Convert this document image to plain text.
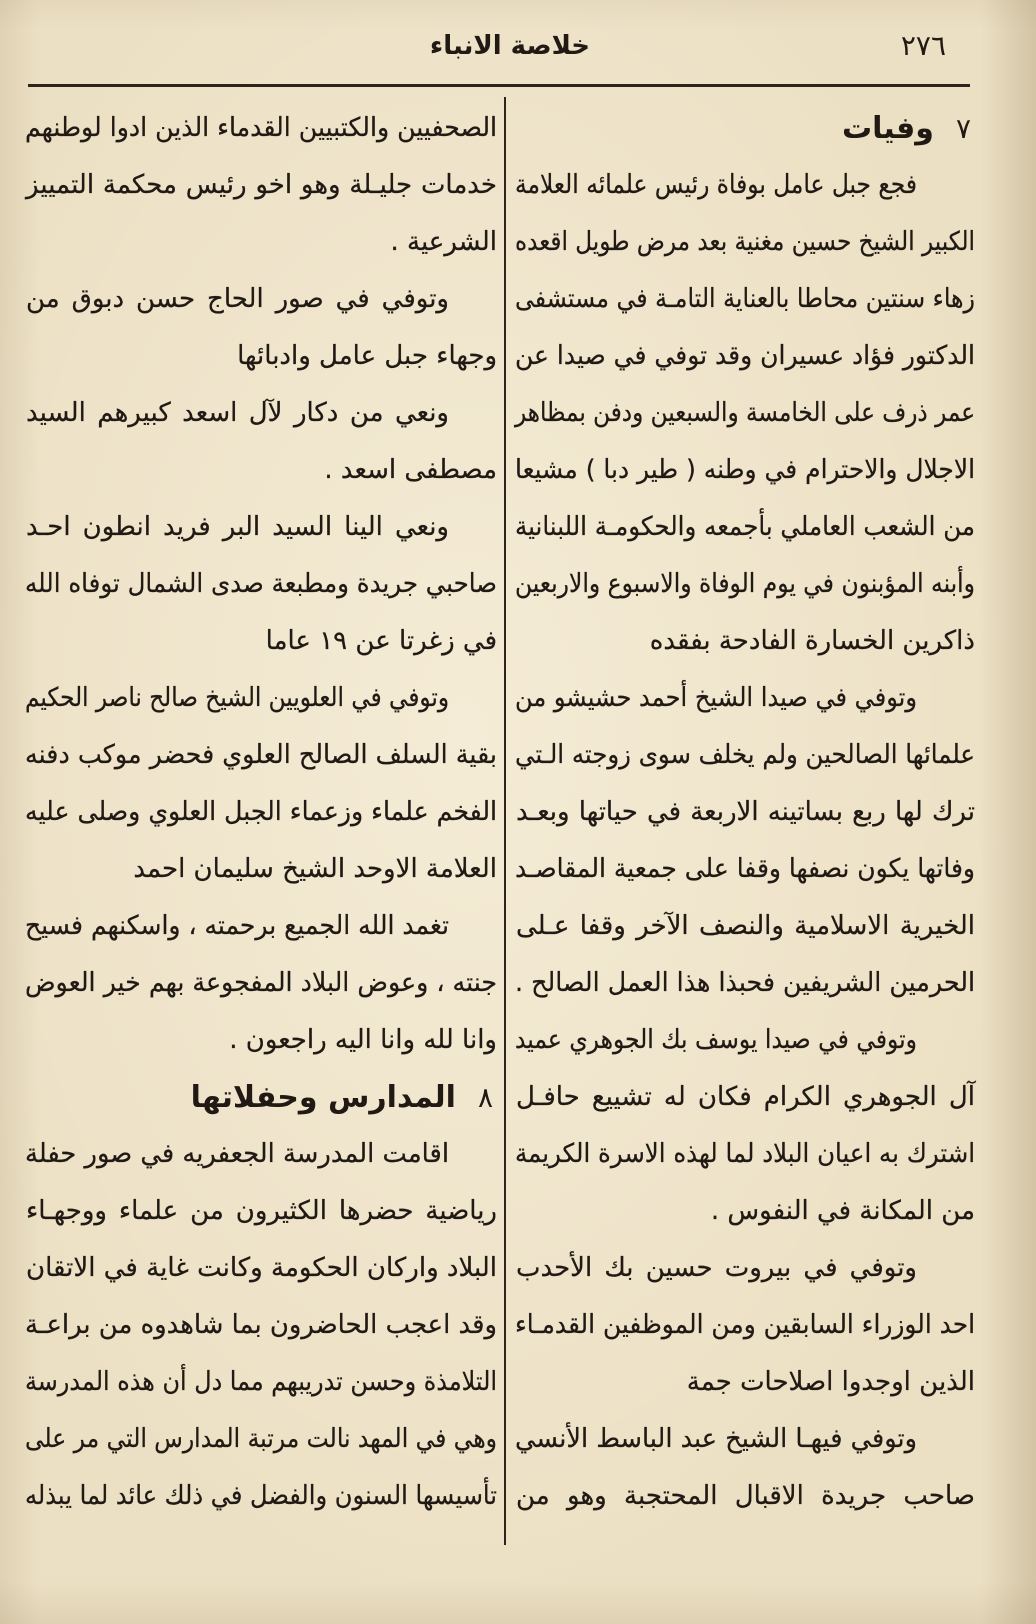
٢٧٦
خلاصة الانباء
٧
وفيات
فجع جبل عامل بوفاة رئيس علمائه العلامة
الكبير الشيخ حسين مغنية بعد مرض طويل اقعده
زهاء سنتين محاطا بالعناية التامـة في مستشفى
الدكتور فؤاد عسيران وقد توفي في صيدا عن
عمر ذرف على الخامسة والسبعين ودفن بمظاهر
الاجلال والاحترام في وطنه ( طير دبا ) مشيعا
من الشعب العاملي بأجمعه والحكومـة اللبنانية
وأبنه المؤبنون في يوم الوفاة والاسبوع والاربعين
ذاكرين الخسارة الفادحة بفقده
وتوفي في صيدا الشيخ أحمد حشيشو من
علمائها الصالحين ولم يخلف سوى زوجته الـتي
ترك لها ربع بساتينه الاربعة في حياتها وبعـد
وفاتها يكون نصفها وقفا على جمعية المقاصـد
الخيرية الاسلامية والنصف الآخر وقفا عـلى
الحرمين الشريفين فحبذا هذا العمل الصالح .
وتوفي في صيدا يوسف بك الجوهري عميد
آل الجوهري الكرام فكان له تشييع حافـل
اشترك به اعيان البلاد لما لهذه الاسرة الكريمة
من المكانة في النفوس .
وتوفي في بيروت حسين بك الأحدب
احد الوزراء السابقين ومن الموظفين القدمـاء
الذين اوجدوا اصلاحات جمة
وتوفي فيهـا الشيخ عبد الباسط الأنسي
صاحب جريدة الاقبال المحتجبة وهو من
الصحفيين والكتبيين القدماء الذين ادوا لوطنهم
خدمات جليـلة وهو اخو رئيس محكمة التمييز
الشرعية .
وتوفي في صور الحاج حسن دبوق من
وجهاء جبل عامل وادبائها
ونعي من دكار لآل اسعد كبيرهم السيد
مصطفى اسعد .
ونعي الينا السيد البر فريد انطون احـد
صاحبي جريدة ومطبعة صدى الشمال توفاه الله
في زغرتا عن ١٩ عاما
وتوفي في العلويين الشيخ صالح ناصر الحكيم
بقية السلف الصالح العلوي فحضر موكب دفنه
الفخم علماء وزعماء الجبل العلوي وصلى عليه
العلامة الاوحد الشيخ سليمان احمد
تغمد الله الجميع برحمته ، واسكنهم فسيح
جنته ، وعوض البلاد المفجوعة بهم خير العوض
وانا لله وانا اليه راجعون .
٨
المدارس وحفلاتها
اقامت المدرسة الجعفريه في صور حفلة
رياضية حضرها الكثيرون من علماء ووجهـاء
البلاد واركان الحكومة وكانت غاية في الاتقان
وقد اعجب الحاضرون بما شاهدوه من براعـة
التلامذة وحسن تدريبهم مما دل أن هذه المدرسة
وهي في المهد نالت مرتبة المدارس التي مر على
تأسيسها السنون والفضل في ذلك عائد لما يبذله
